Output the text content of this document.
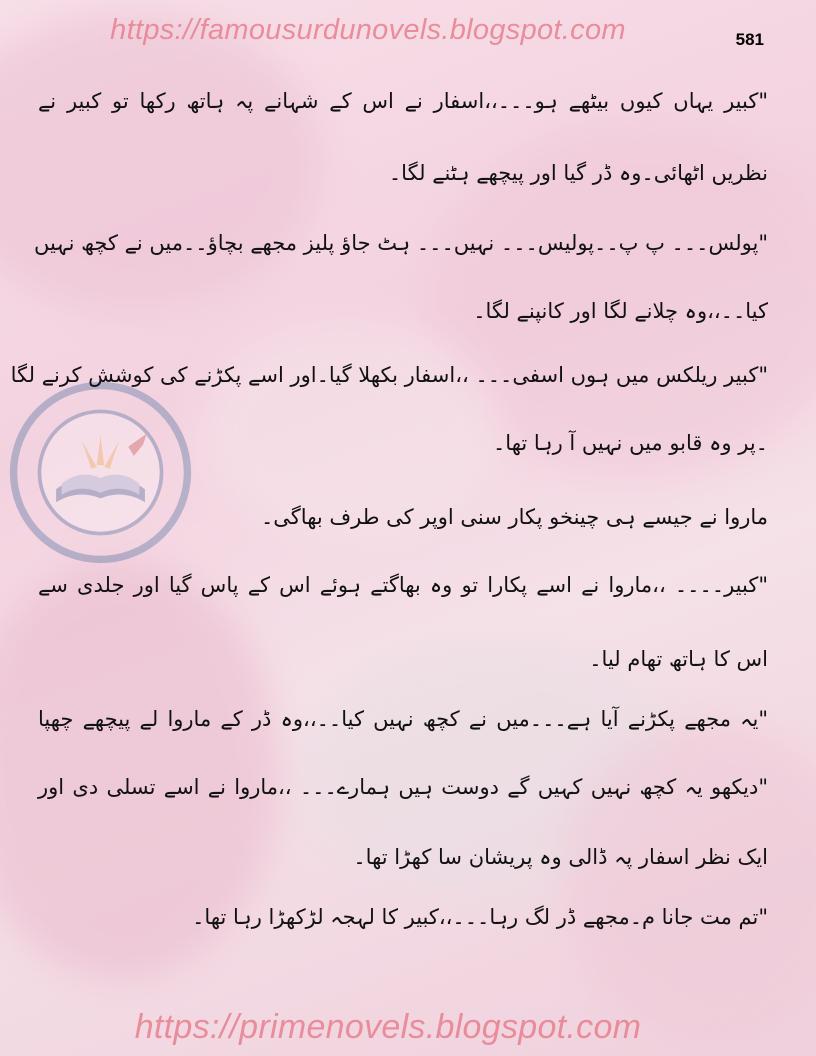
https://famousurdunovels.blogspot.com	581
"کبیر یہاں کیوں بیٹھے ہو۔۔۔،،اسفار نے اس کے شہانے پہ ہاتھ رکھا تو کبیر نے
نظریں اٹھائی۔وہ ڈر گیا اور پیچھے ہٹنے لگا۔
"پولس۔۔۔ پ پ۔۔پولیس۔۔۔ نہیں۔۔۔ ہٹ جاؤ پلیز مجھے بچاؤ۔۔میں نے کچھ نہیں
کیا۔۔،،وہ چلانے لگا اور کانپنے لگا۔
"کبیر ریلکس میں ہوں اسفی۔۔۔ ،،اسفار بکھلا گیا۔اور اسے پکڑنے کی کوشش کرنے لگا
۔پر وہ قابو میں نہیں آ رہا تھا۔
ماروا نے جیسے ہی چینخو پکار سنی اوپر کی طرف بھاگی۔
"کبیر۔۔۔۔ ،،ماروا نے اسے پکارا تو وہ بھاگتے ہوئے اس کے پاس گیا اور جلدی سے
اس کا ہاتھ تھام لیا۔
"یہ مجھے پکڑنے آیا ہے۔۔۔میں نے کچھ نہیں کیا۔۔،،وہ ڈر کے ماروا لے پیچھے چھپا
"دیکھو یہ کچھ نہیں کہیں گے دوست ہیں ہمارے۔۔۔ ،،ماروا نے اسے تسلی دی اور
ایک نظر اسفار پہ ڈالی وہ پریشان سا کھڑا تھا۔
"تم مت جانا م۔مجھے ڈر لگ رہا۔۔۔،،کبیر کا لہجہ لڑکھڑا رہا تھا۔
https://primenovels.blogspot.com
